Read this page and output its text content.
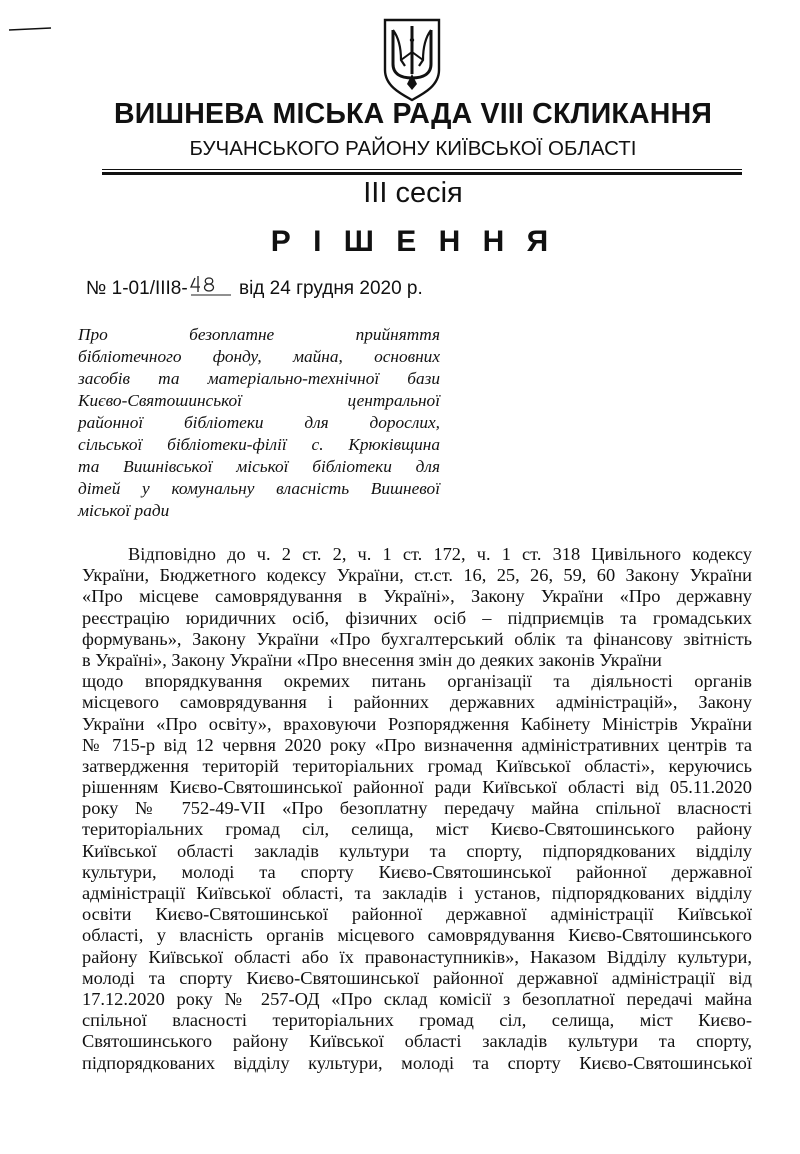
ВИШНЕВА МІСЬКА РАДА VIII СКЛИКАННЯ
БУЧАНСЬКОГО РАЙОНУ КИЇВСЬКОЇ ОБЛАСТІ
ІІІ сесія
Р І Ш Е Н Н Я
№ 1-01/ІІІ8-	від 24 грудня 2020 р.
Про безоплатне прийняття
бібліотечного фонду, майна, основних
засобів та матеріально-технічної бази
Києво-Святошинської центральної
районної бібліотеки для дорослих,
сільської бібліотеки-філії с. Крюківщина
та Вишнівської міської бібліотеки для
дітей у комунальну власність Вишневої
міської ради
Відповідно до ч. 2 ст. 2, ч. 1 ст. 172, ч. 1 ст. 318 Цивільного кодексу
України, Бюджетного кодексу України, ст.ст. 16, 25, 26, 59, 60 Закону України
«Про місцеве самоврядування в Україні», Закону України «Про державну
реєстрацію юридичних осіб, фізичних осіб – підприємців та громадських
формувань», Закону України «Про бухгалтерський облік та фінансову звітність
в Україні», Закону України «Про внесення змін до деяких законів України
щодо впорядкування окремих питань організації та діяльності органів
місцевого самоврядування і районних державних адміністрацій», Закону
України «Про освіту», враховуючи Розпорядження Кабінету Міністрів України
№ 715-р від 12 червня 2020 року «Про визначення адміністративних центрів та
затвердження територій територіальних громад Київської області», керуючись
рішенням Києво-Святошинської районної ради Київської області від 05.11.2020
року № 752-49-VII «Про безоплатну передачу майна спільної власності
територіальних громад сіл, селища, міст Києво-Святошинського району
Київської області закладів культури та спорту, підпорядкованих відділу
культури, молоді та спорту Києво-Святошинської районної державної
адміністрації Київської області, та закладів і установ, підпорядкованих відділу
освіти Києво-Святошинської районної державної адміністрації Київської
області, у власність органів місцевого самоврядування Києво-Святошинського
району Київської області або їх правонаступників», Наказом Відділу культури,
молоді та спорту Києво-Святошинської районної державної адміністрації від
17.12.2020 року № 257-ОД «Про склад комісії з безоплатної передачі майна
спільної власності територіальних громад сіл, селища, міст Києво-
Святошинського району Київської області закладів культури та спорту,
підпорядкованих відділу культури, молоді та спорту Києво-Святошинської
